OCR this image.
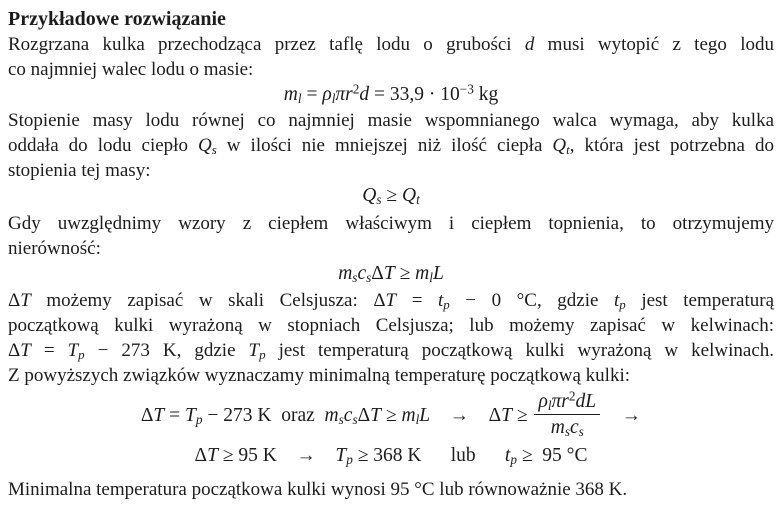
Przykładowe rozwiązanie
Rozgrzana kulka przechodząca przez taflę lodu o grubości d musi wytopić z tego lodu
co najmniej walec lodu o masie:
$m_l = \rho_l\pi r^2d = 33,9 \cdot 10^{-3}$ kg
Stopienie masy lodu równej co najmniej masie wspomnianego walca wymaga, aby kulka
oddała do lodu ciepło $Q_s$ w ilości nie mniejszej niż ilość ciepła $Q_t$, która jest potrzebna do
stopienia tej masy:
$Q_s \ge Q_t$
Gdy uwzględnimy wzory z ciepłem właściwym i ciepłem topnienia, to otrzymujemy
nierówność:
$m_sc_s\Delta T \ge m_lL$
ΔT możemy zapisać w skali Celsjusza: $\Delta T = t_p - 0$ °C, gdzie $t_p$ jest temperaturą
początkową kulki wyrażoną w stopniach Celsjusza; lub możemy zapisać w kelwinach:
$\Delta T = T_p - 273$ K, gdzie $T_p$ jest temperaturą początkową kulki wyrażoną w kelwinach.
Z powyższych związków wyznaczamy minimalną temperaturę początkową kulki:
$\Delta T = T_p - 273$ K  oraz  $m_sc_s\Delta T \ge m_lL$    →    $\Delta T \ge \frac{\rho_l\pi r^2dL}{m_sc_s}$ →
ΔT ≥ 95 K    →    $T_p \ge 368$ K      lub      $t_p \ge 95$ °C
Minimalna temperatura początkowa kulki wynosi 95 °C lub równoważnie 368 K.
